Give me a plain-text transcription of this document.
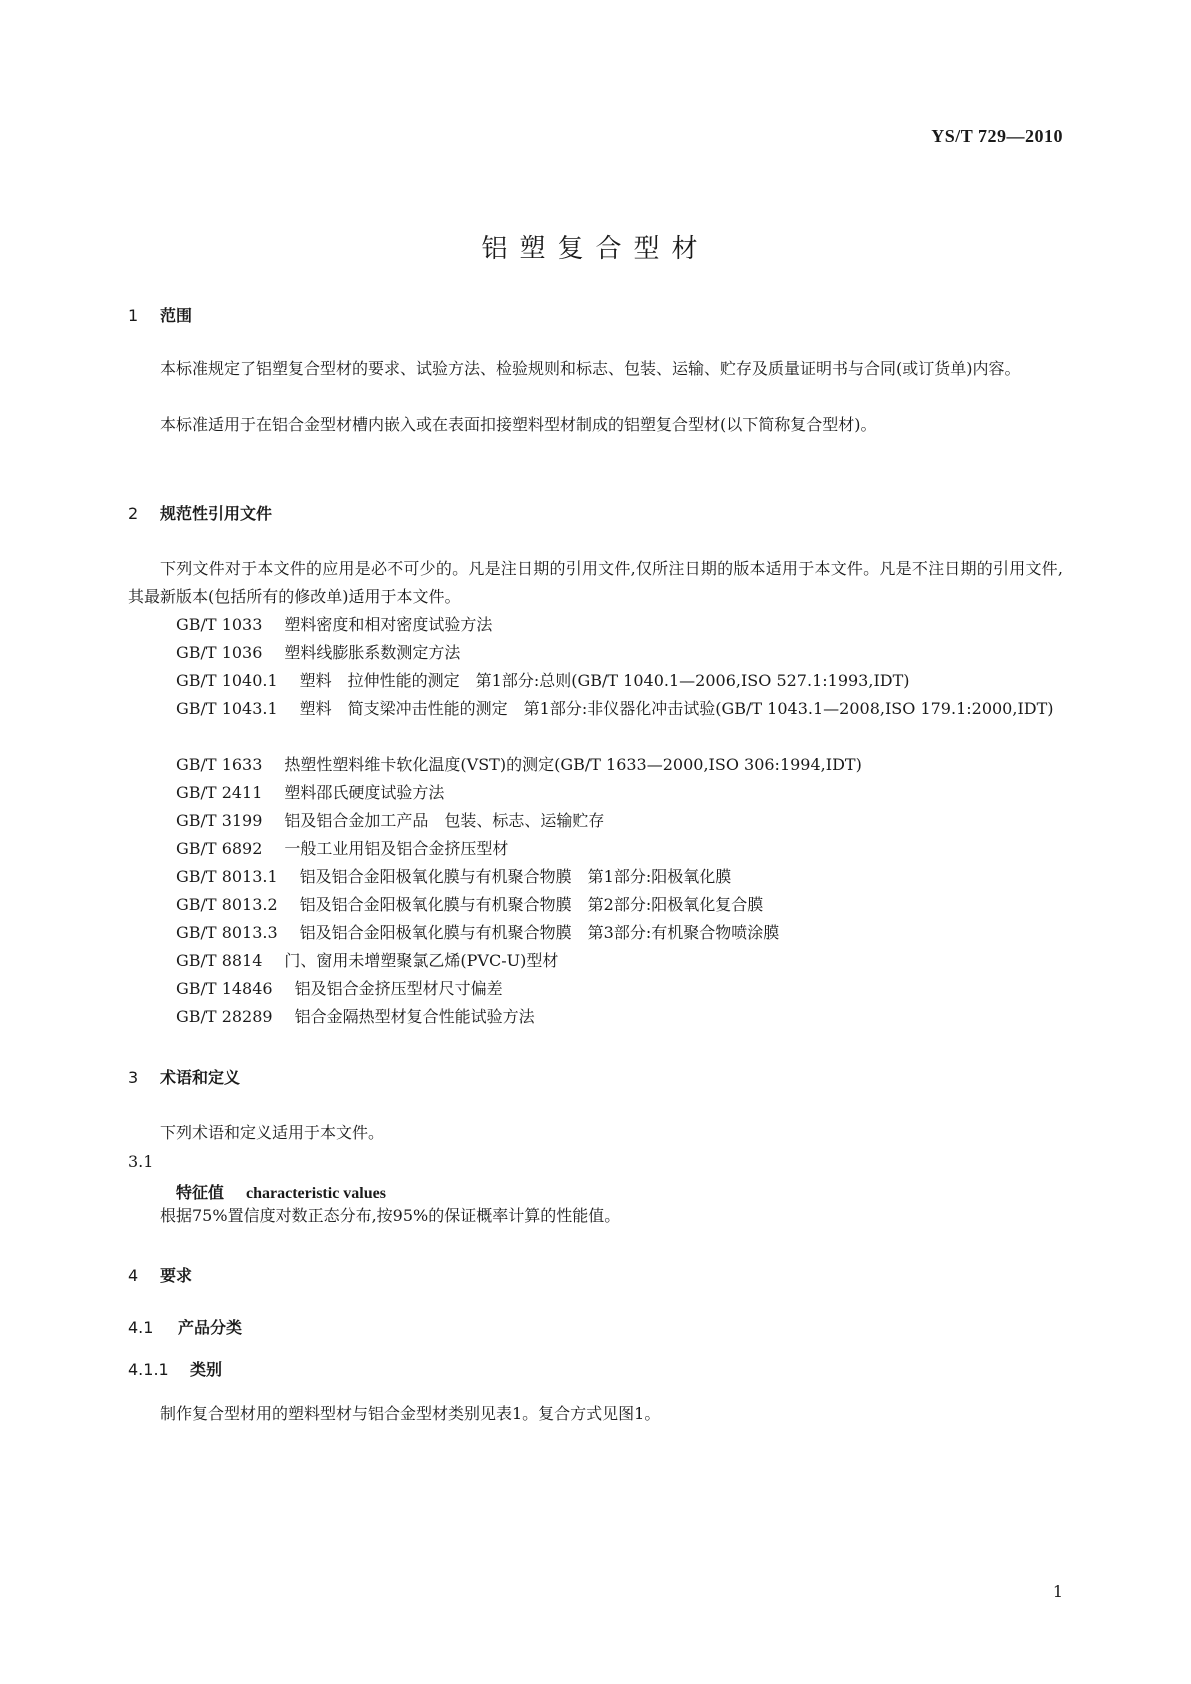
YS/T 729—2010
铝塑复合型材
1 范围
本标准规定了铝塑复合型材的要求、试验方法、检验规则和标志、包装、运输、贮存及质量证明书与合同(或订货单)内容。
本标准适用于在铝合金型材槽内嵌入或在表面扣接塑料型材制成的铝塑复合型材(以下简称复合型材)。
2 规范性引用文件
下列文件对于本文件的应用是必不可少的。凡是注日期的引用文件,仅所注日期的版本适用于本文件。凡是不注日期的引用文件,其最新版本(包括所有的修改单)适用于本文件。
GB/T 1033 塑料密度和相对密度试验方法
GB/T 1036 塑料线膨胀系数测定方法
GB/T 1040.1 塑料　拉伸性能的测定　第1部分:总则(GB/T 1040.1—2006,ISO 527.1:1993,IDT)
GB/T 1043.1 塑料　简支梁冲击性能的测定　第1部分:非仪器化冲击试验(GB/T 1043.1—2008,ISO 179.1:2000,IDT)
GB/T 1633 热塑性塑料维卡软化温度(VST)的测定(GB/T 1633—2000,ISO 306:1994,IDT)
GB/T 2411 塑料邵氏硬度试验方法
GB/T 3199 铝及铝合金加工产品　包装、标志、运输贮存
GB/T 6892 一般工业用铝及铝合金挤压型材
GB/T 8013.1 铝及铝合金阳极氧化膜与有机聚合物膜　第1部分:阳极氧化膜
GB/T 8013.2 铝及铝合金阳极氧化膜与有机聚合物膜　第2部分:阳极氧化复合膜
GB/T 8013.3 铝及铝合金阳极氧化膜与有机聚合物膜　第3部分:有机聚合物喷涂膜
GB/T 8814 门、窗用未增塑聚氯乙烯(PVC-U)型材
GB/T 14846 铝及铝合金挤压型材尺寸偏差
GB/T 28289 铝合金隔热型材复合性能试验方法
3 术语和定义
下列术语和定义适用于本文件。
3.1
特征值 characteristic values
根据75%置信度对数正态分布,按95%的保证概率计算的性能值。
4 要求
4.1 产品分类
4.1.1 类别
制作复合型材用的塑料型材与铝合金型材类别见表1。复合方式见图1。
1
